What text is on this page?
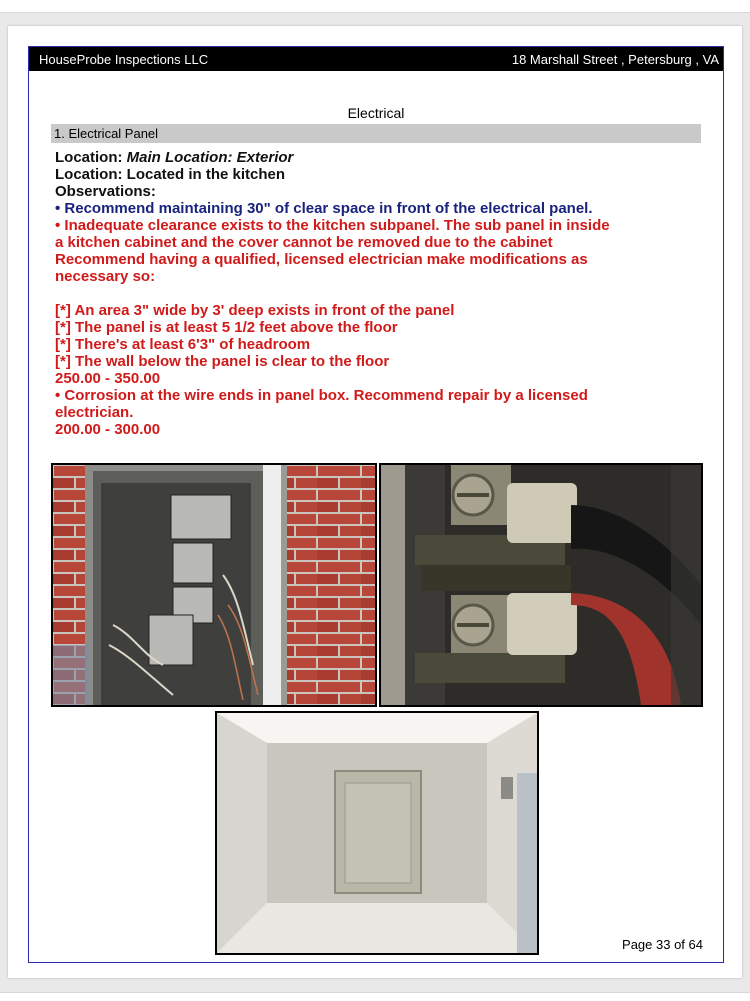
HouseProbe Inspections LLC	18 Marshall Street , Petersburg , VA
Electrical
1. Electrical Panel
Location: Main Location: Exterior
Location: Located in the kitchen
Observations:
• Recommend maintaining 30" of clear space in front of the electrical panel.
• Inadequate clearance exists to the kitchen subpanel. The sub panel in inside
a kitchen cabinet and the cover cannot be removed due to the cabinet
Recommend having a qualified, licensed electrician make modifications as
necessary so:
[*] An area 3" wide by 3' deep exists in front of the panel
[*] The panel is at least 5 1/2 feet above the floor
[*] There's at least 6'3" of headroom
[*] The wall below the panel is clear to the floor
250.00 - 350.00
• Corrosion at the wire ends in panel box. Recommend repair by a licensed
electrician.
200.00 - 300.00
Page 33 of 64
